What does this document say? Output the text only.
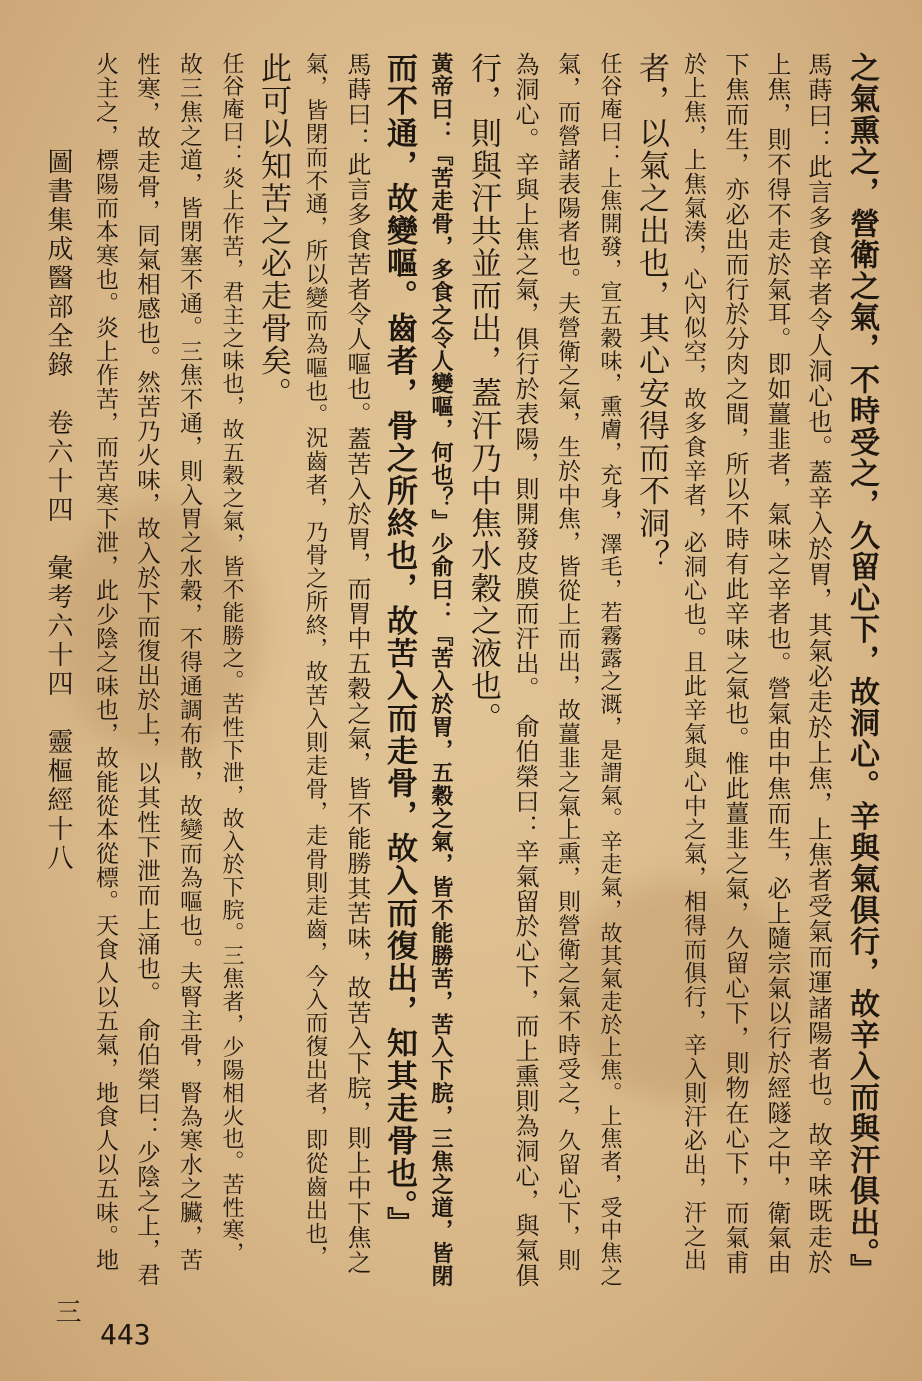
之氣熏之，營衛之氣，不時受之，久留心下，故洞心。辛與氣俱行，故辛入而與汗俱出。』
馬蒔曰：此言多食辛者令人洞心也。蓋辛入於胃，其氣必走於上焦，上焦者受氣而運諸陽者也。故辛味既走於
上焦，則不得不走於氣耳。即如薑韭者，氣味之辛者也。營氣由中焦而生，必上隨宗氣以行於經隧之中，衛氣由
下焦而生，亦必出而行於分肉之間，所以不時有此辛味之氣也。惟此薑韭之氣，久留心下，則物在心下，而氣甫
於上焦，上焦氣湊，心內似空，故多食辛者，必洞心也。且此辛氣與心中之氣，相得而俱行，辛入則汗必出，汗之出
者，以氣之出也，其心安得而不洞？
任谷庵曰：上焦開發，宣五穀味，熏膚，充身，澤毛，若霧露之溉，是謂氣。辛走氣，故其氣走於上焦。上焦者，受中焦之
氣，而營諸表陽者也。夫營衛之氣，生於中焦，皆從上而出，故薑韭之氣上熏，則營衛之氣不時受之，久留心下，則
為洞心。辛與上焦之氣，俱行於表陽，則開發皮膜而汗出。　俞伯榮曰：辛氣留於心下，而上熏則為洞心，與氣俱
行，則與汗共並而出，蓋汗乃中焦水穀之液也。
黃帝曰：『苦走骨，多食之令人變嘔，何也？』少俞曰：『苦入於胃，五穀之氣，皆不能勝苦，苦入下脘，三焦之道，皆閉
而不通，故變嘔。齒者，骨之所終也，故苦入而走骨，故入而復出，知其走骨也。』
馬蒔曰：此言多食苦者令人嘔也。蓋苦入於胃，而胃中五穀之氣，皆不能勝其苦味，故苦入下脘，則上中下焦之
氣，皆閉而不通，所以變而為嘔也。況齒者，乃骨之所終，故苦入則走骨，走骨則走齒，今入而復出者，即從齒出也，
此可以知苦之必走骨矣。
任谷庵曰：炎上作苦，君主之味也，故五穀之氣，皆不能勝之。苦性下泄，故入於下脘。三焦者，少陽相火也。苦性寒，
故三焦之道，皆閉塞不通。三焦不通，則入胃之水穀，不得通調布散，故變而為嘔也。夫腎主骨，腎為寒水之臟，苦
性寒，故走骨，同氣相感也。然苦乃火味，故入於下而復出於上，以其性下泄而上涌也。　俞伯榮曰：少陰之上，君
火主之，標陽而本寒也。炎上作苦，而苦寒下泄，此少陰之味也，故能從本從標。天食人以五氣，地食人以五味。地
圖書集成醫部全錄　卷六十四　彙考六十四　靈樞經十八
三
443
